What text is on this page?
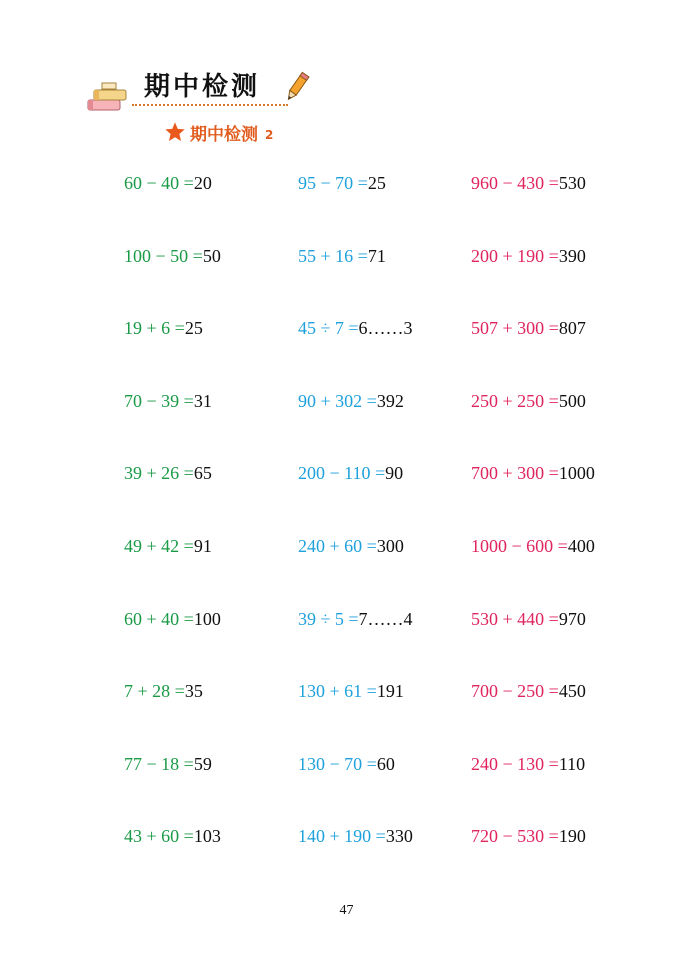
期中检测
期中检测 2
60 − 40 =20
100 − 50 =50
19 + 6 =25
70 − 39 =31
39 + 26 =65
49 + 42 =91
60 + 40 =100
7 + 28 =35
77 − 18 =59
43 + 60 =103
95 − 70 =25
55 + 16 =71
45 ÷ 7 =6……3
90 + 302 =392
200 − 110 =90
240 + 60 =300
39 ÷ 5 =7……4
130 + 61 =191
130 − 70 =60
140 + 190 =330
960 − 430 =530
200 + 190 =390
507 + 300 =807
250 + 250 =500
700 + 300 =1000
1000 − 600 =400
530 + 440 =970
700 − 250 =450
240 − 130 =110
720 − 530 =190
47
